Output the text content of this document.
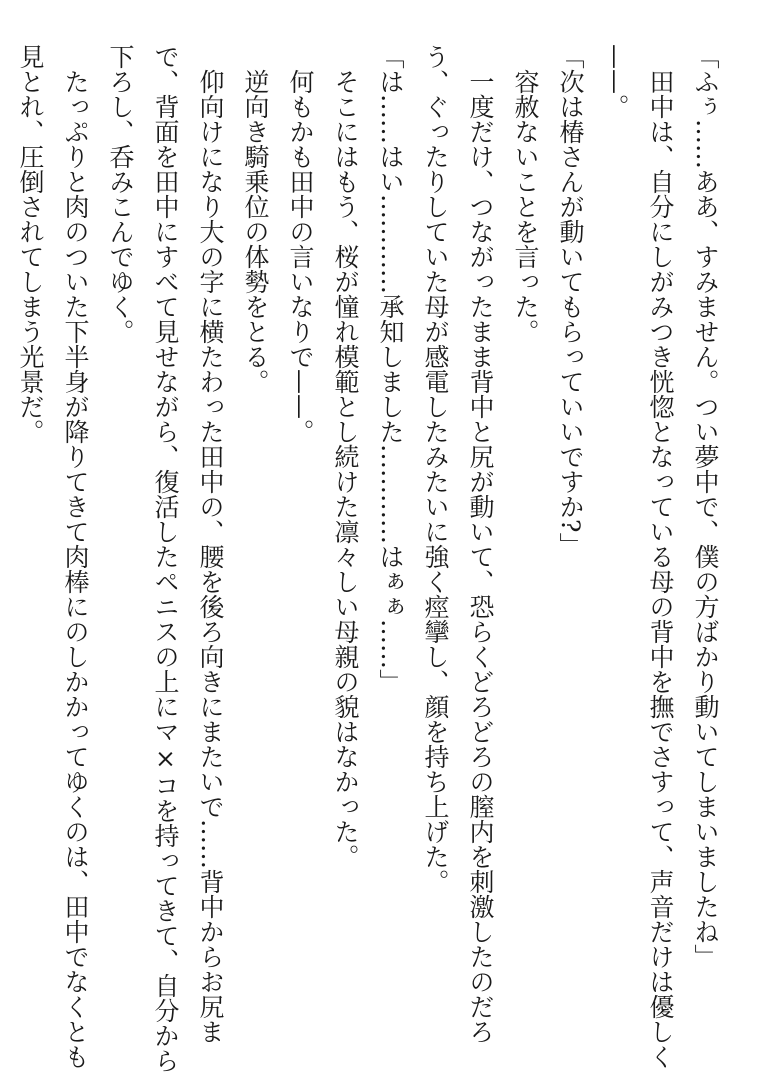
「ふぅ……ああ、すみません。つい夢中で、僕の方ばかり動いてしまいましたね」
　田中は、自分にしがみつき恍惚となっている母の背中を撫でさすって、声音だけは優しく
——。
「次は椿さんが動いてもらっていいですか?」
　容赦ないことを言った。
　一度だけ、つながったまま背中と尻が動いて、恐らくどろどろの膣内を刺激したのだろ
う、ぐったりしていた母が感電したみたいに強く痙攣し、顔を持ち上げた。
「は……はい…………承知しました…………はぁぁ……」
　そこにはもう、桜が憧れ模範とし続けた凛々しい母親の貌はなかった。
　何もかも田中の言いなりで——。
　逆向き騎乗位の体勢をとる。
　仰向けになり大の字に横たわった田中の、腰を後ろ向きにまたいで……背中からお尻ま
で、背面を田中にすべて見せながら、復活したペニスの上にマ×コを持ってきて、自分から
下ろし、呑みこんでゆく。
　たっぷりと肉のついた下半身が降りてきて肉棒にのしかかってゆくのは、田中でなくとも
見とれ、圧倒されてしまう光景だ。
